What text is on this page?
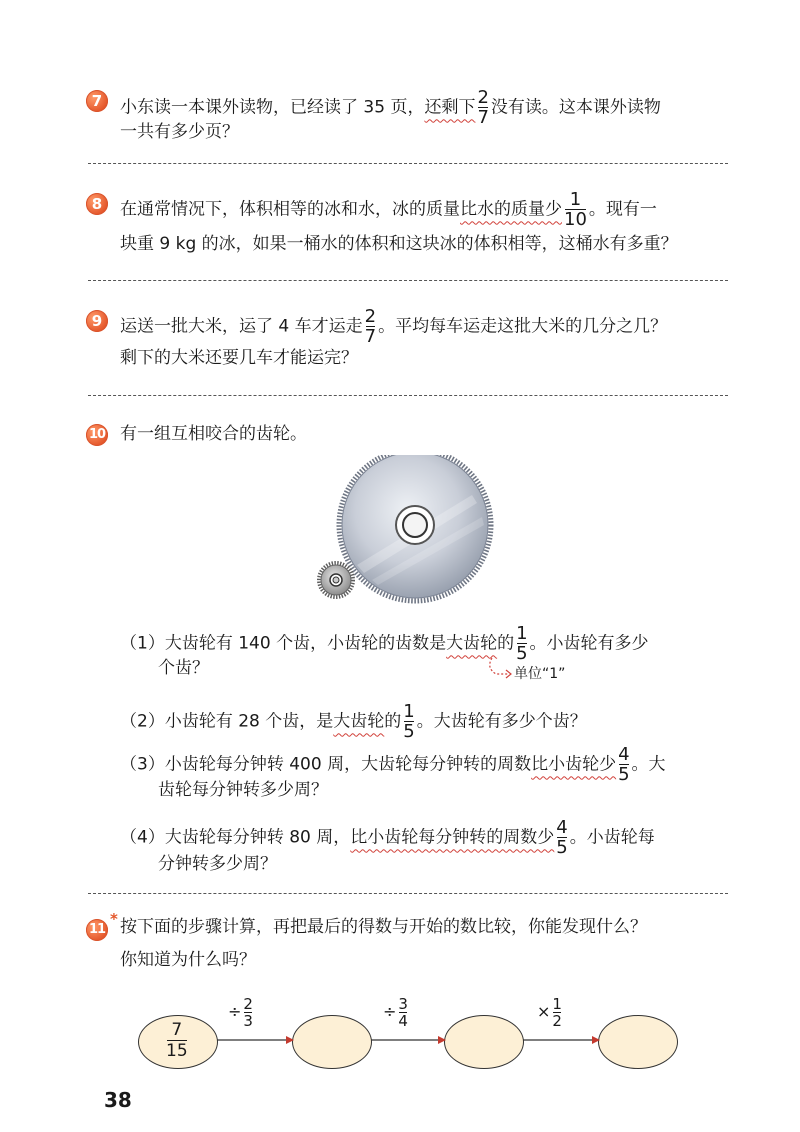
7	小东读一本课外读物，已经读了 35 页，还剩下 $\frac{2}{7}$ 没有读。这本课外读物
一共有多少页？
8	在通常情况下，体积相等的冰和水，冰的质量比水的质量少 $\frac{1}{10}$ 。现有一
块重 9 kg 的冰，如果一桶水的体积和这块冰的体积相等，这桶水有多重？
9	运送一批大米，运了 4 车才运走 $\frac{2}{7}$ 。平均每车运走这批大米的几分之几？
剩下的大米还要几车才能运完？
10 有一组互相咬合的齿轮。
（1）大齿轮有 140 个齿，小齿轮的齿数是大齿轮的 $\frac{1}{5}$ 。小齿轮有多少
个齿？	单位“1”
（2）小齿轮有 28 个齿，是大齿轮的 $\frac{1}{5}$ 。大齿轮有多少个齿？
（3）小齿轮每分钟转 400 周，大齿轮每分钟转的周数比小齿轮少 $\frac{4}{5}$ 。大
齿轮每分钟转多少周？
（4）大齿轮每分钟转 80 周，比小齿轮每分钟转的周数少 $\frac{4}{5}$ 。小齿轮每
分钟转多少周？
11
* 按下面的步骤计算，再把最后的得数与开始的数比较，你能发现什么？
你知道为什么吗？
7
15
÷ $\frac{2}{3}$	÷ $\frac{3}{4}$	× $\frac{1}{2}$
38
